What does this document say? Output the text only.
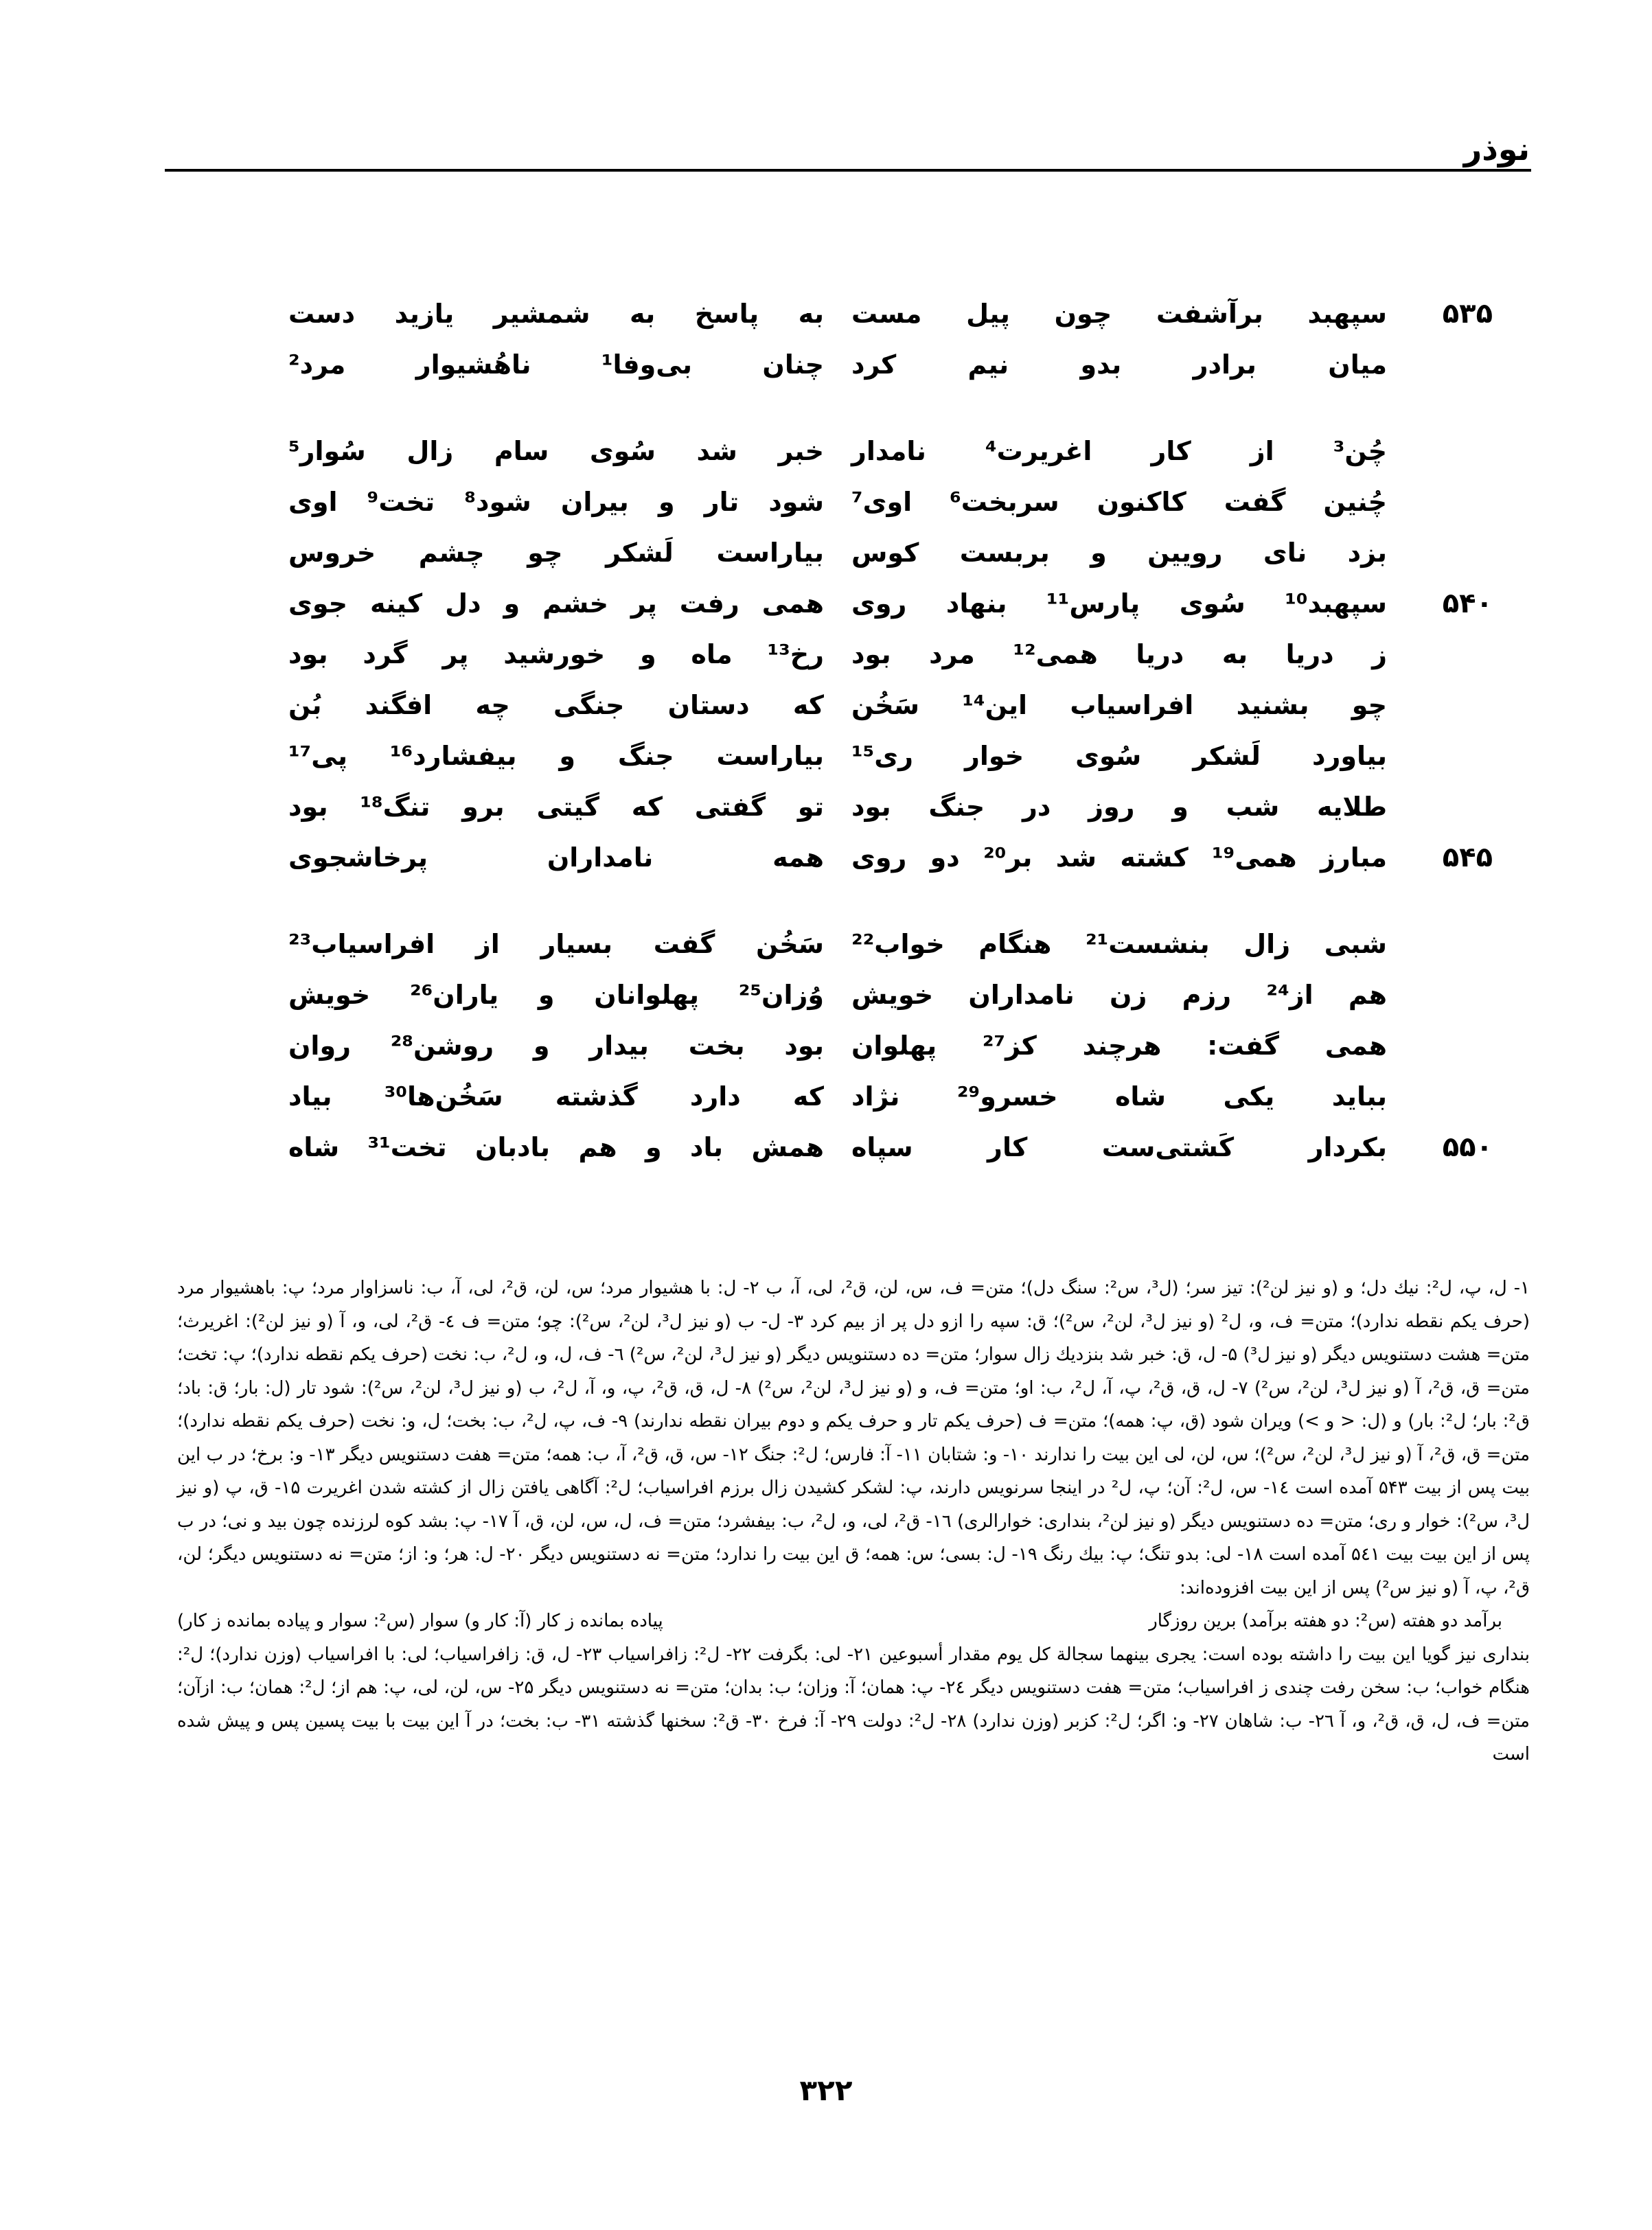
نوذر
۵۳۵
سپهبد برآشفت چون پیل مست
به پاسخ به شمشیر یازید دست
میان برادر بدو نیم کرد
چنان بی‌وفا¹ ناهُشیوار مرد²
چُن³ از کار اغریرت⁴ نامدار
خبر شد سُوی سام زال سُوار⁵
چُنین گفت کاکنون سربخت⁶ اوی⁷
شود تار و بیران شود⁸ تخت⁹ اوی
بزد نای رویین و بربست کوس
بیاراست لَشکر چو چشم خروس
۵۴۰
سپهبد¹⁰ سُوی پارس¹¹ بنهاد روی
همی رفت پر خشم و دل کینه جوی
ز دریا به دریا همی¹² مرد بود
رخ¹³ ماه و خورشید پر گرد بود
چو بشنید افراسیاب این¹⁴ سَخُن
که دستان جنگی چه افگند بُن
بیاورد لَشکر سُوی خوار ری¹⁵
بیاراست جنگ و بیفشارد¹⁶ پی¹⁷
طلایه شب و روز در جنگ بود
تو گفتی که گیتی برو تنگ¹⁸ بود
۵۴۵
مبارز همی¹⁹ کشته شد بر²⁰ دو روی
همه نامداران پرخاشجوی
شبی زال بنشست²¹ هنگام خواب²²
سَخُن گفت بسیار از افراسیاب²³
هم از²⁴ رزم زن نامداران خویش
وُزان²⁵ پهلوانان و یاران²⁶ خویش
همی گفت: هرچند کز²⁷ پهلوان
بود بخت بیدار و روشن²⁸ روان
بباید یکی شاه خسرو²⁹ نژاد
که دارد گذشته سَخُن‌ها³⁰ بیاد
۵۵۰
بکردار کَشتی‌ست کار سپاه
همش باد و هم بادبان تخت³¹ شاه

۱- ل، پ، ل²: نیك دل؛ و (و نیز لن²): تیز سر؛ (ل³، س²: سنگ دل)؛ متن= ف، س، لن، ق²، لی، آ، ب ۲- ل: با هشیوار مرد؛ س، لن، ق²، لی، آ، ب: ناسزاوار مرد؛ پ: باهشیوار مرد (حرف یکم نقطه ندارد)؛ متن= ف، و، ل² (و نیز ل³، لن²، س²)؛ ق: سپه را ازو دل پر از بیم کرد ۳- ل- ب (و نیز ل³، لن²، س²): چو؛ متن= ف ٤- ق²، لی، و، آ (و نیز لن²): اغریرث؛ متن= هشت دستنویس دیگر (و نیز ل³) ۵- ل، ق: خبر شد بنزدیك زال سوار؛ متن= ده دستنویس دیگر (و نیز ل³، لن²، س²) ٦- ف، ل، و، ل²، ب: نخت (حرف یکم نقطه ندارد)؛ پ: تخت؛ متن= ق، ق²، آ (و نیز ل³، لن²، س²) ۷- ل، ق، ق²، پ، آ، ل²، ب: او؛ متن= ف، و (و نیز ل³، لن²، س²) ۸- ل، ق، ق²، پ، و، آ، ل²، ب (و نیز ل³، لن²، س²): شود تار (ل: بار؛ ق: باد؛ ق²: بار؛ ل²: بار) و (ل: < و >) ویران شود (ق، پ: همه)؛ متن= ف (حرف یکم تار و حرف یکم و دوم بیران نقطه ندارند) ۹- ف، پ، ل²، ب: بخت؛ ل، و: نخت (حرف یکم نقطه ندارد)؛ متن= ق، ق²، آ (و نیز ل³، لن²، س²)؛ س، لن، لی این بیت را ندارند ۱۰- و: شتابان ۱۱- آ: فارس؛ ل²: جنگ ۱۲- س، ق، ق²، آ، ب: همه؛ متن= هفت دستنویس دیگر ۱۳- و: برخ؛ در ب این بیت پس از بیت ۵۴۳ آمده است ١٤- س، ل²: آن؛ پ، ل² در اینجا سرنویس دارند، پ: لشکر کشیدن زال برزم افراسیاب؛ ل²: آگاهی یافتن زال از کشته شدن اغریرت ۱۵- ق، پ (و نیز ل³، س²): خوار و ری؛ متن= ده دستنویس دیگر (و نیز لن²، بنداری: خوارالری) ۱٦- ق²، لی، و، ل²، ب: بیفشرد؛ متن= ف، ل، س، لن، ق، آ ۱۷- پ: بشد کوه لرزنده چون بید و نی؛ در ب پس از این بیت بیت ۵٤۱ آمده است ۱۸- لی: بدو تنگ؛ پ: بیك رنگ ۱۹- ل: بسی؛ س: همه؛ ق این بیت را ندارد؛ متن= نه دستنویس دیگر ۲۰- ل: هر؛ و: از؛ متن= نه دستنویس دیگر؛ لن، ق²، پ، آ (و نیز س²) پس از این بیت افزوده‌اند:

برآمد دو هفته (س²: دو هفته برآمد) برین روزگار
پیاده بمانده ز کار (آ: کار و) سوار (س²: سوار و پیاده بمانده ز کار)

بنداری نیز گویا این بیت را داشته بوده است: یجری بینهما سجالة کل یوم مقدار أسبوعین ۲۱- لی: بگرفت ۲۲- ل²: زافراسیاب ۲۳- ل، ق: زافراسیاب؛ لی: با افراسیاب (وزن ندارد)؛ ل²: هنگام خواب؛ ب: سخن رفت چندی ز افراسیاب؛ متن= هفت دستنویس دیگر ۲٤- پ: همان؛ آ: وزان؛ ب: بدان؛ متن= نه دستنویس دیگر ۲۵- س، لن، لی، پ: هم از؛ ل²: همان؛ ب: ازآن؛ متن= ف، ل، ق، ق²، و، آ ۲٦- ب: شاهان ۲۷- و: اگر؛ ل²: کزبر (وزن ندارد) ۲۸- ل²: دولت ۲۹- آ: فرخ ۳۰- ق²: سخنها گذشته ۳۱- ب: بخت؛ در آ این بیت با بیت پسین پس و پیش شده است

۳۲۲
